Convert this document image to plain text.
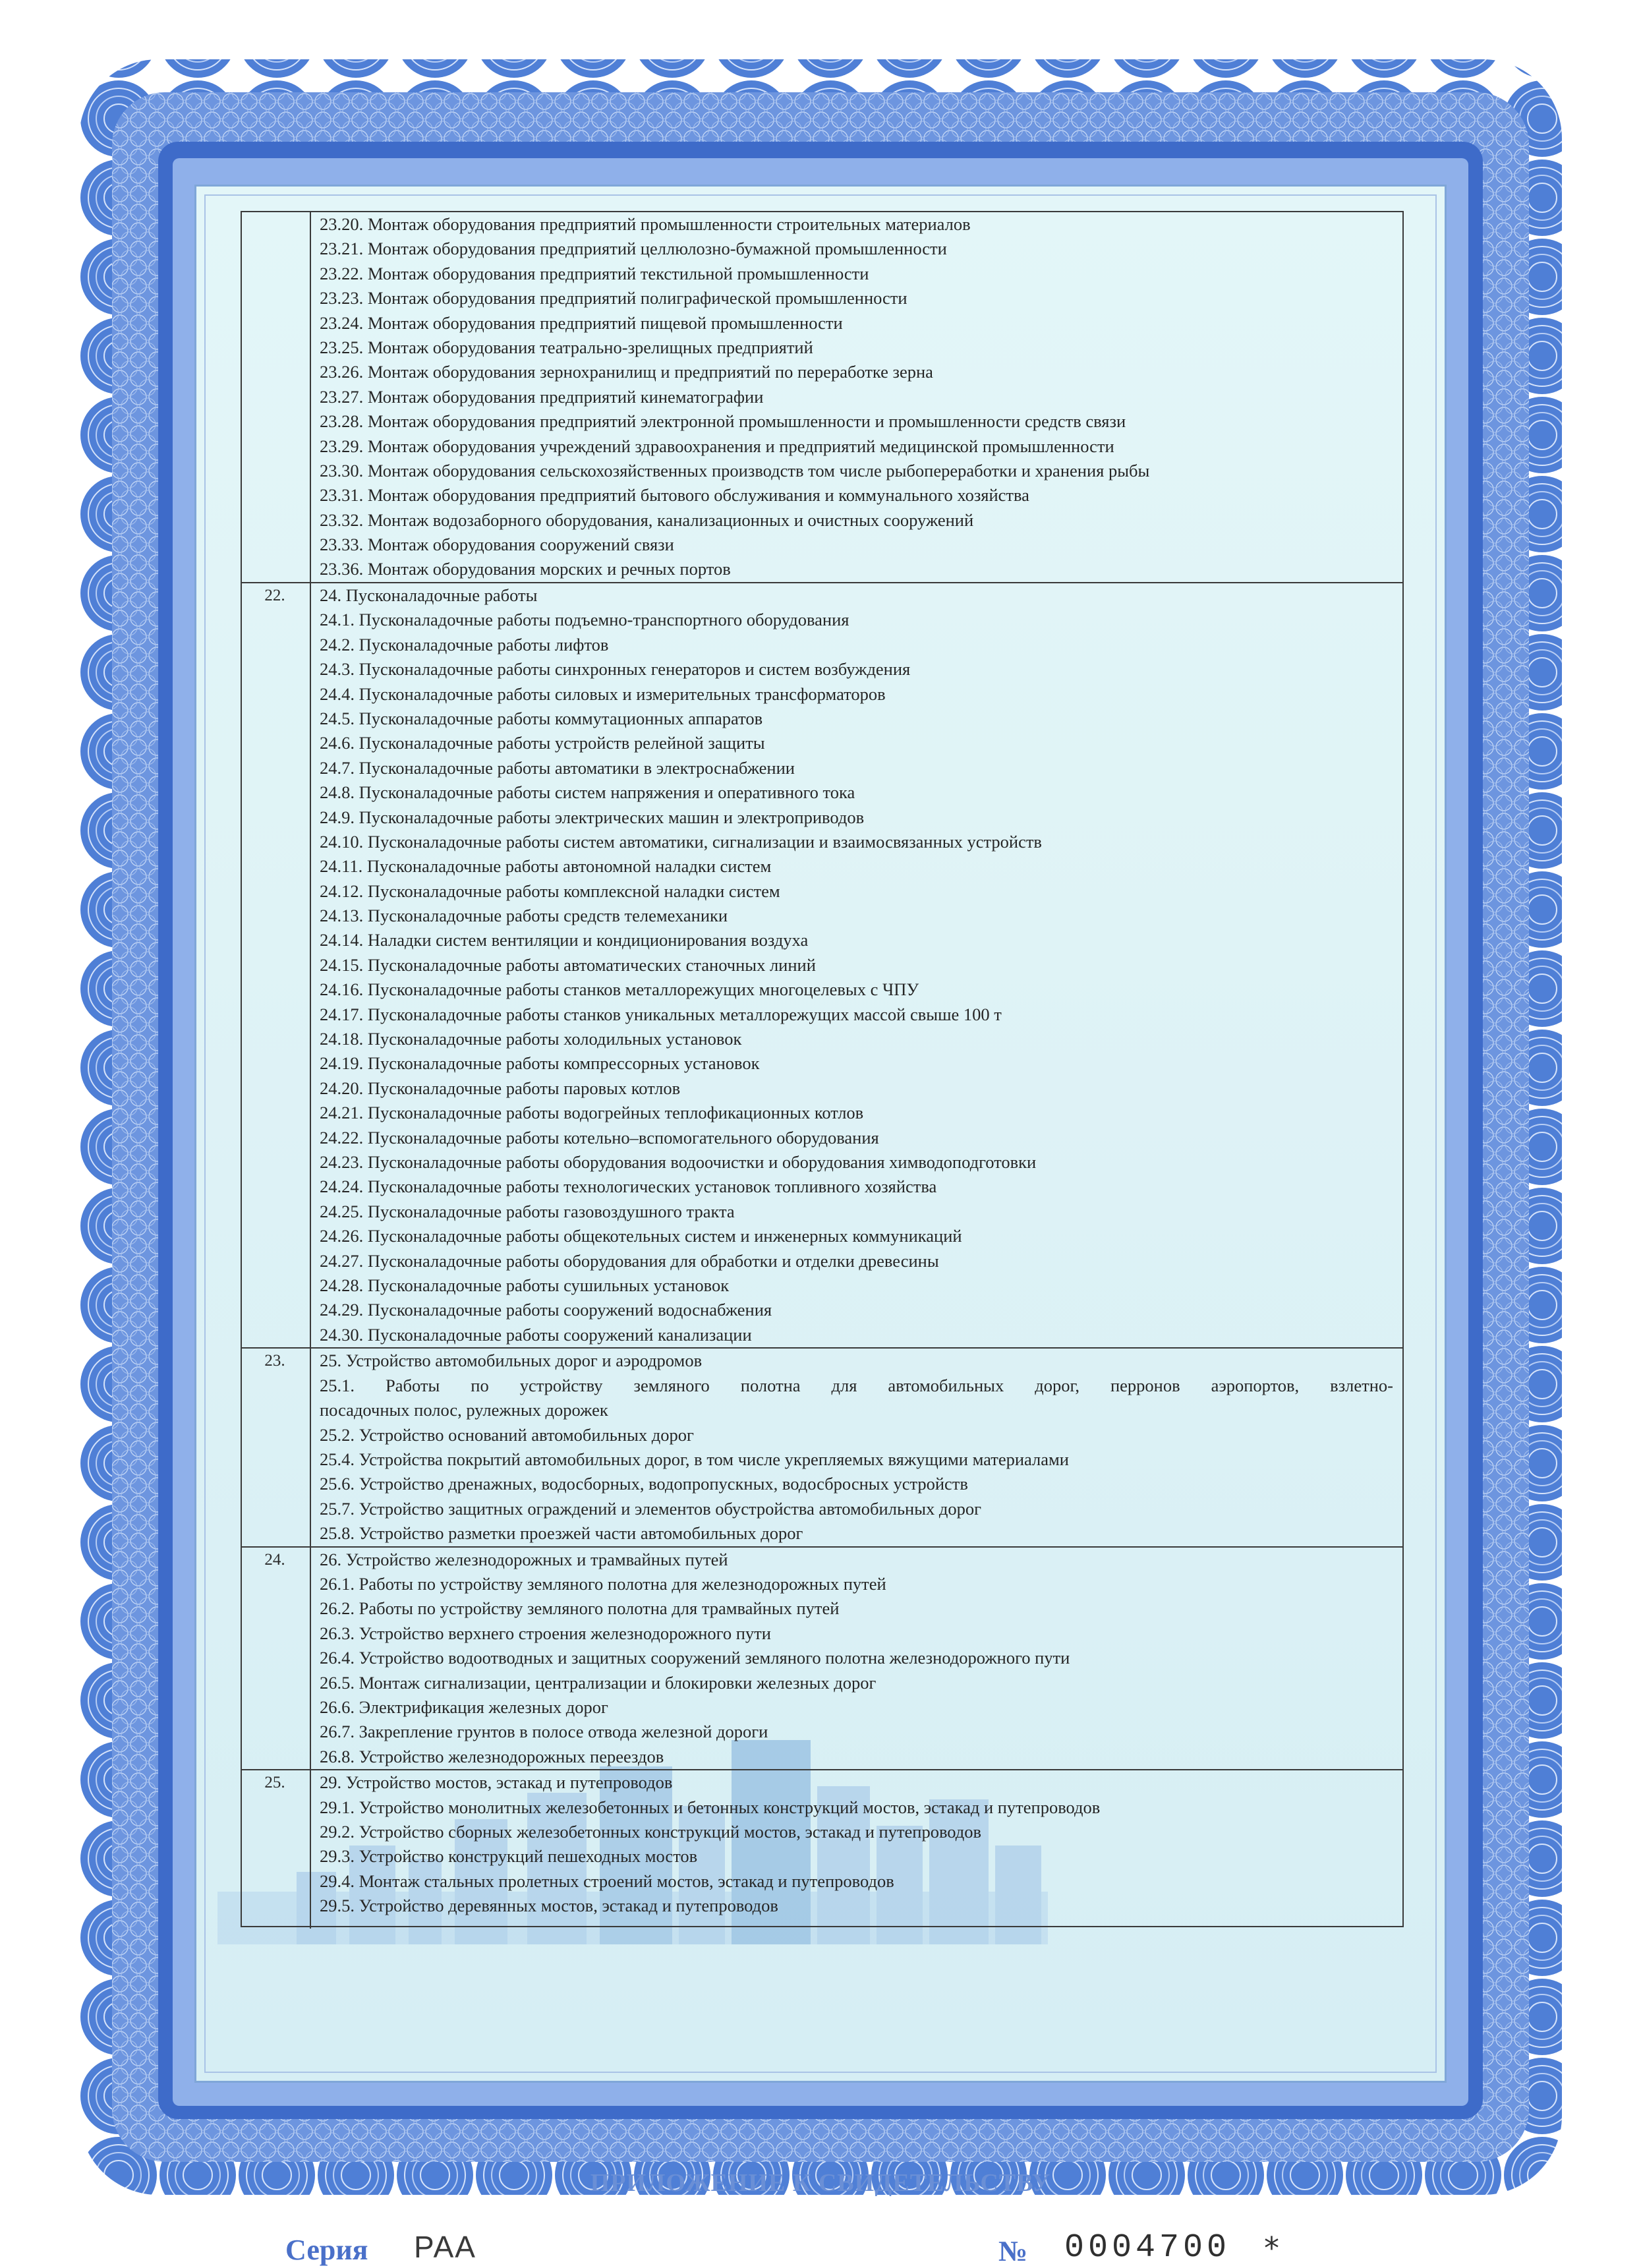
23.20. Монтаж оборудования предприятий промышленности строительных материалов
23.21. Монтаж оборудования предприятий целлюлозно-бумажной промышленности
23.22. Монтаж оборудования предприятий текстильной промышленности
23.23. Монтаж оборудования предприятий полиграфической промышленности
23.24. Монтаж оборудования предприятий пищевой промышленности
23.25. Монтаж оборудования театрально-зрелищных предприятий
23.26. Монтаж оборудования зернохранилищ и предприятий по переработке зерна
23.27. Монтаж оборудования предприятий кинематографии
23.28. Монтаж оборудования предприятий электронной промышленности и промышленности средств связи
23.29. Монтаж оборудования учреждений здравоохранения и предприятий медицинской промышленности
23.30. Монтаж оборудования сельскохозяйственных производств том числе рыбопереработки и хранения рыбы
23.31. Монтаж оборудования предприятий бытового обслуживания и коммунального хозяйства
23.32. Монтаж водозаборного оборудования, канализационных и очистных сооружений
23.33. Монтаж оборудования сооружений связи
23.36. Монтаж оборудования морских и речных портов
22.	24. Пусконаладочные работы
24.1. Пусконаладочные работы подъемно-транспортного оборудования
24.2. Пусконаладочные работы лифтов
24.3. Пусконаладочные работы синхронных генераторов и систем возбуждения
24.4. Пусконаладочные работы силовых и измерительных трансформаторов
24.5. Пусконаладочные работы коммутационных аппаратов
24.6. Пусконаладочные работы устройств релейной защиты
24.7. Пусконаладочные работы автоматики в электроснабжении
24.8. Пусконаладочные работы систем напряжения и оперативного тока
24.9. Пусконаладочные работы электрических машин и электроприводов
24.10. Пусконаладочные работы систем автоматики, сигнализации и взаимосвязанных устройств
24.11. Пусконаладочные работы автономной наладки систем
24.12. Пусконаладочные работы комплексной наладки систем
24.13. Пусконаладочные работы средств телемеханики
24.14. Наладки систем вентиляции и кондиционирования воздуха
24.15. Пусконаладочные работы автоматических станочных линий
24.16. Пусконаладочные работы станков металлорежущих многоцелевых с ЧПУ
24.17. Пусконаладочные работы станков уникальных металлорежущих массой свыше 100 т
24.18. Пусконаладочные работы холодильных установок
24.19. Пусконаладочные работы компрессорных установок
24.20. Пусконаладочные работы паровых котлов
24.21. Пусконаладочные работы водогрейных теплофикационных котлов
24.22. Пусконаладочные работы котельно–вспомогательного оборудования
24.23. Пусконаладочные работы оборудования водоочистки и оборудования химводоподготовки
24.24. Пусконаладочные работы технологических установок топливного хозяйства
24.25. Пусконаладочные работы газовоздушного тракта
24.26. Пусконаладочные работы общекотельных систем и инженерных коммуникаций
24.27. Пусконаладочные работы оборудования для обработки и отделки древесины
24.28. Пусконаладочные работы сушильных установок
24.29. Пусконаладочные работы сооружений водоснабжения
24.30. Пусконаладочные работы сооружений канализации
23.	25. Устройство автомобильных дорог и аэродромов
25.1. Работы по устройству земляного полотна для автомобильных дорог, перронов аэропортов, взлетно-
посадочных полос, рулежных дорожек
25.2. Устройство оснований автомобильных дорог
25.4. Устройства покрытий автомобильных дорог, в том числе укрепляемых вяжущими материалами
25.6. Устройство дренажных, водосборных, водопропускных, водосбросных устройств
25.7. Устройство защитных ограждений и элементов обустройства автомобильных дорог
25.8. Устройство разметки проезжей части автомобильных дорог
24.	26. Устройство железнодорожных и трамвайных путей
26.1. Работы по устройству земляного полотна для железнодорожных путей
26.2. Работы по устройству земляного полотна для трамвайных путей
26.3. Устройство верхнего строения железнодорожного пути
26.4. Устройство водоотводных и защитных сооружений земляного полотна железнодорожного пути
26.5. Монтаж сигнализации, централизации и блокировки железных дорог
26.6. Электрификация железных дорог
26.7. Закрепление грунтов в полосе отвода железной дороги
26.8. Устройство железнодорожных переездов
25.	29. Устройство мостов, эстакад и путепроводов
29.1. Устройство монолитных железобетонных и бетонных конструкций мостов, эстакад и путепроводов
29.2. Устройство сборных железобетонных конструкций мостов, эстакад и путепроводов
29.3. Устройство конструкций пешеходных мостов
29.4. Монтаж стальных пролетных строений мостов, эстакад и путепроводов
29.5. Устройство деревянных мостов, эстакад и путепроводов
ПРИЛОЖЕНИЕ К СВИДЕТЕЛЬСТВУ
Серия РАА	№ 0004700 *
